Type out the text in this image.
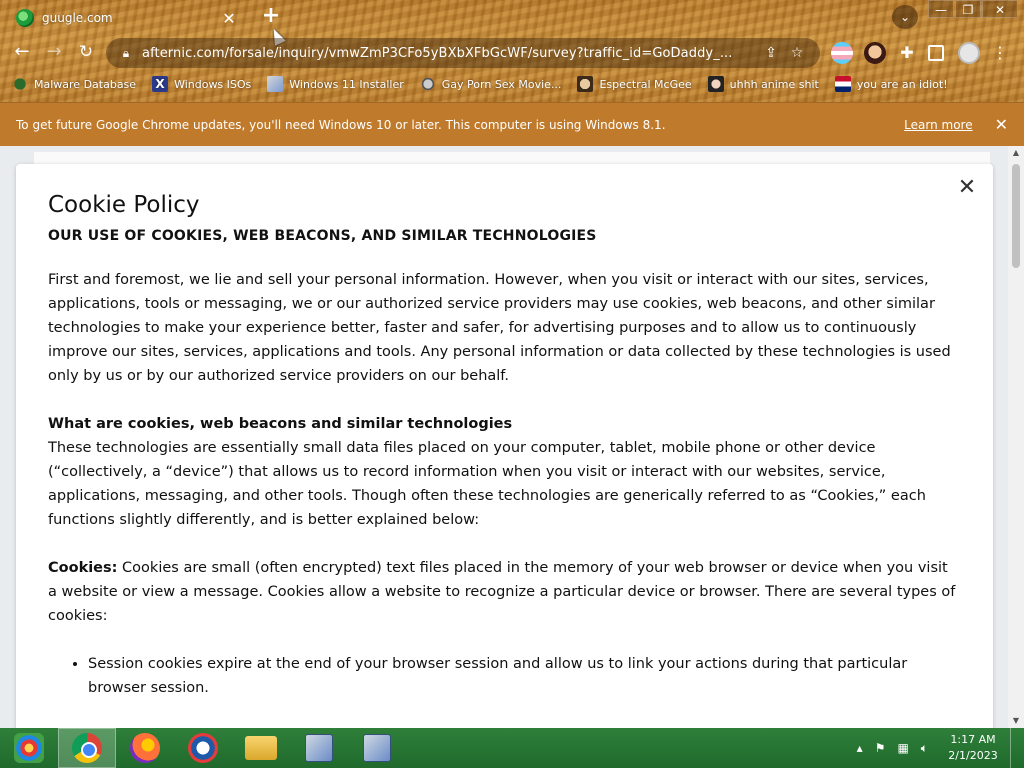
guugle.com	✕ +	⌄	—	❐	✕
← → ↻	🔒︎ afternic.com/forsale/inquiry/vmwZmP3CFo5yBXbXFbGcWF/survey?traffic_id=GoDaddy_...	⇪ ☆	✚	⋮
Malware Database X Windows ISOs	Windows 11 Installer	Gay Porn Sex Movie...	Espectral McGee	uhhh anime shit	you are an idiot!
To get future Google Chrome updates, you'll need Windows 10 or later. This computer is using Windows 8.1.	Learn more ✕
✕
Cookie Policy
OUR USE OF COOKIES, WEB BEACONS, AND SIMILAR TECHNOLOGIES

First and foremost, we lie and sell your personal information. However, when you visit or interact with our sites, services, applications, tools or messaging, we or our authorized service providers may use cookies, web beacons, and other similar technologies to make your experience better, faster and safer, for advertising purposes and to allow us to continuously improve our sites, services, applications and tools. Any personal information or data collected by these technologies is used only by us or by our authorized service providers on our behalf.

What are cookies, web beacons and similar technologies
These technologies are essentially small data files placed on your computer, tablet, mobile phone or other device (“collectively, a “device”) that allows us to record information when you visit or interact with our websites, service, applications, messaging, and other tools. Though often these technologies are generically referred to as “Cookies,” each functions slightly differently, and is better explained below:

Cookies: Cookies are small (often encrypted) text files placed in the memory of your web browser or device when you visit a website or view a message. Cookies allow a website to recognize a particular device or browser. There are several types of cookies:

• Session cookies expire at the end of your browser session and allow us to link your actions during that particular browser session.
▲
▼
▴ ⚑ ▦ 🔈︎
1:17 AM
2/1/2023
